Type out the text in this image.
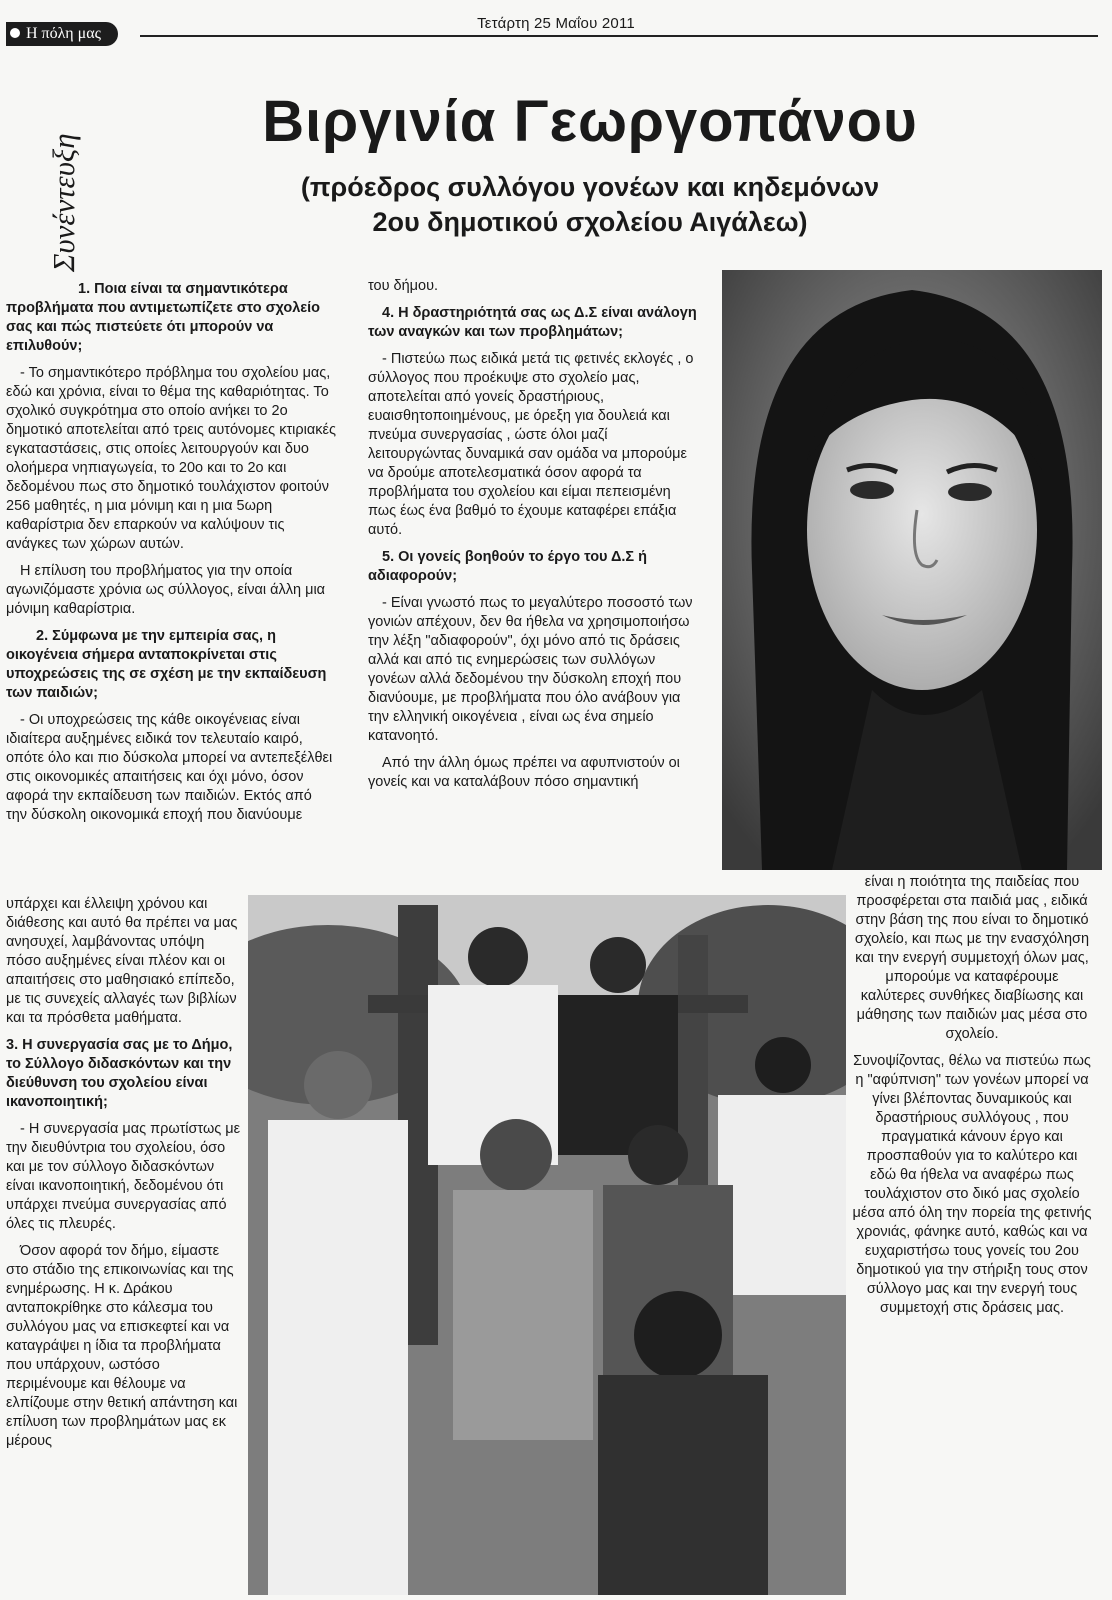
Η πόλη μας
Τετάρτη 25 Μαΐου 2011
Συνέντευξη
Βιργινία Γεωργοπάνου
(πρόεδρος συλλόγου γονέων και κηδεμόνων
2ου δημοτικού σχολείου Αιγάλεω)

1. Ποια είναι τα σημαντικότερα προβλήματα που αντιμετωπίζετε στο σχολείο σας και πώς πιστεύετε ότι μπορούν να επιλυθούν;

- Το σημαντικότερο πρόβλημα του σχολείου μας, εδώ και χρόνια, είναι το θέμα της καθαριότητας. Το σχολικό συγκρότημα στο οποίο ανήκει το 2ο δημοτικό αποτελείται από τρεις αυτόνομες κτιριακές εγκαταστάσεις, στις οποίες λειτουργούν και δυο ολοήμερα νηπιαγωγεία, το 20ο και το 2ο και δεδομένου πως στο δημοτικό τουλάχιστον φοιτούν 256 μαθητές, η μια μόνιμη και η μια 5ωρη καθαρίστρια δεν επαρκούν να καλύψουν τις ανάγκες των χώρων αυτών.

Η επίλυση του προβλήματος για την οποία αγωνιζόμαστε χρόνια ως σύλλογος, είναι άλλη μια μόνιμη καθαρίστρια.

2. Σύμφωνα με την εμπειρία σας, η οικογένεια σήμερα ανταποκρίνεται στις υποχρεώσεις της σε σχέση με την εκπαίδευση των παιδιών;

- Οι υποχρεώσεις της κάθε οικογένειας είναι ιδιαίτερα αυξημένες ειδικά τον τελευταίο καιρό, οπότε όλο και πιο δύσκολα μπορεί να αντεπεξέλθει στις οικονομικές απαιτήσεις και όχι μόνο, όσον αφορά την εκπαίδευση των παιδιών. Εκτός από την δύσκολη οικονομικά εποχή που διανύουμε

υπάρχει και έλλειψη χρόνου και διάθεσης και αυτό θα πρέπει να μας ανησυχεί, λαμβάνοντας υπόψη πόσο αυξημένες είναι πλέον και οι απαιτήσεις στο μαθησιακό επίπεδο, με τις συνεχείς αλλαγές των βιβλίων και τα πρόσθετα μαθήματα.

3. Η συνεργασία σας με το Δήμο, το Σύλλογο διδασκόντων και την διεύθυνση του σχολείου είναι ικανοποιητική;

- Η συνεργασία μας πρωτίστως με την διευθύντρια του σχολείου, όσο και με τον σύλλογο διδασκόντων είναι ικανοποιητική, δεδομένου ότι υπάρχει πνεύμα συνεργασίας από όλες τις πλευρές.

Όσον αφορά τον δήμο, είμαστε στο στάδιο της επικοινωνίας και της ενημέρωσης. Η κ. Δράκου ανταποκρίθηκε στο κάλεσμα του συλλόγου μας να επισκεφτεί και να καταγράψει η ίδια τα προβλήματα που υπάρχουν, ωστόσο περιμένουμε και θέλουμε να ελπίζουμε στην θετική απάντηση και επίλυση των προβλημάτων μας εκ μέρους

του δήμου.

4. Η δραστηριότητά σας ως Δ.Σ είναι ανάλογη των αναγκών και των προβλημάτων;

- Πιστεύω πως ειδικά μετά τις φετινές εκλογές , ο σύλλογος που προέκυψε στο σχολείο μας, αποτελείται από γονείς δραστήριους, ευαισθητοποιημένους, με όρεξη για δουλειά και πνεύμα συνεργασίας , ώστε όλοι μαζί λειτουργώντας δυναμικά σαν ομάδα να μπορούμε να δρούμε αποτελεσματικά όσον αφορά τα προβλήματα του σχολείου και είμαι πεπεισμένη πως έως ένα βαθμό το έχουμε καταφέρει επάξια αυτό.

5. Οι γονείς βοηθούν το έργο του Δ.Σ ή αδιαφορούν;

- Είναι γνωστό πως το μεγαλύτερο ποσοστό των γονιών απέχουν, δεν θα ήθελα να χρησιμοποιήσω την λέξη "αδιαφορούν", όχι μόνο από τις δράσεις αλλά και από τις ενημερώσεις των συλλόγων γονέων αλλά δεδομένου την δύσκολη εποχή που διανύουμε, με προβλήματα που όλο ανάβουν για την ελληνική οικογένεια , είναι ως ένα σημείο κατανοητό.

Από την άλλη όμως πρέπει να αφυπνιστούν οι γονείς και να καταλάβουν πόσο σημαντική

είναι η ποιότητα της παιδείας που προσφέρεται στα παιδιά μας , ειδικά στην βάση της που είναι το δημοτικό σχολείο, και πως με την ενασχόληση και την ενεργή συμμετοχή όλων μας, μπορούμε να καταφέρουμε καλύτερες συνθήκες διαβίωσης και μάθησης των παιδιών μας μέσα στο σχολείο.

Συνοψίζοντας, θέλω να πιστεύω πως η "αφύπνιση" των γονέων μπορεί να γίνει βλέποντας δυναμικούς και δραστήριους συλλόγους , που πραγματικά κάνουν έργο και προσπαθούν για το καλύτερο και εδώ θα ήθελα να αναφέρω πως τουλάχιστον στο δικό μας σχολείο μέσα από όλη την πορεία της φετινής χρονιάς, φάνηκε αυτό, καθώς και να ευχαριστήσω τους γονείς του 2ου δημοτικού για την στήριξη τους στον σύλλογο μας και την ενεργή τους συμμετοχή στις δράσεις μας.
